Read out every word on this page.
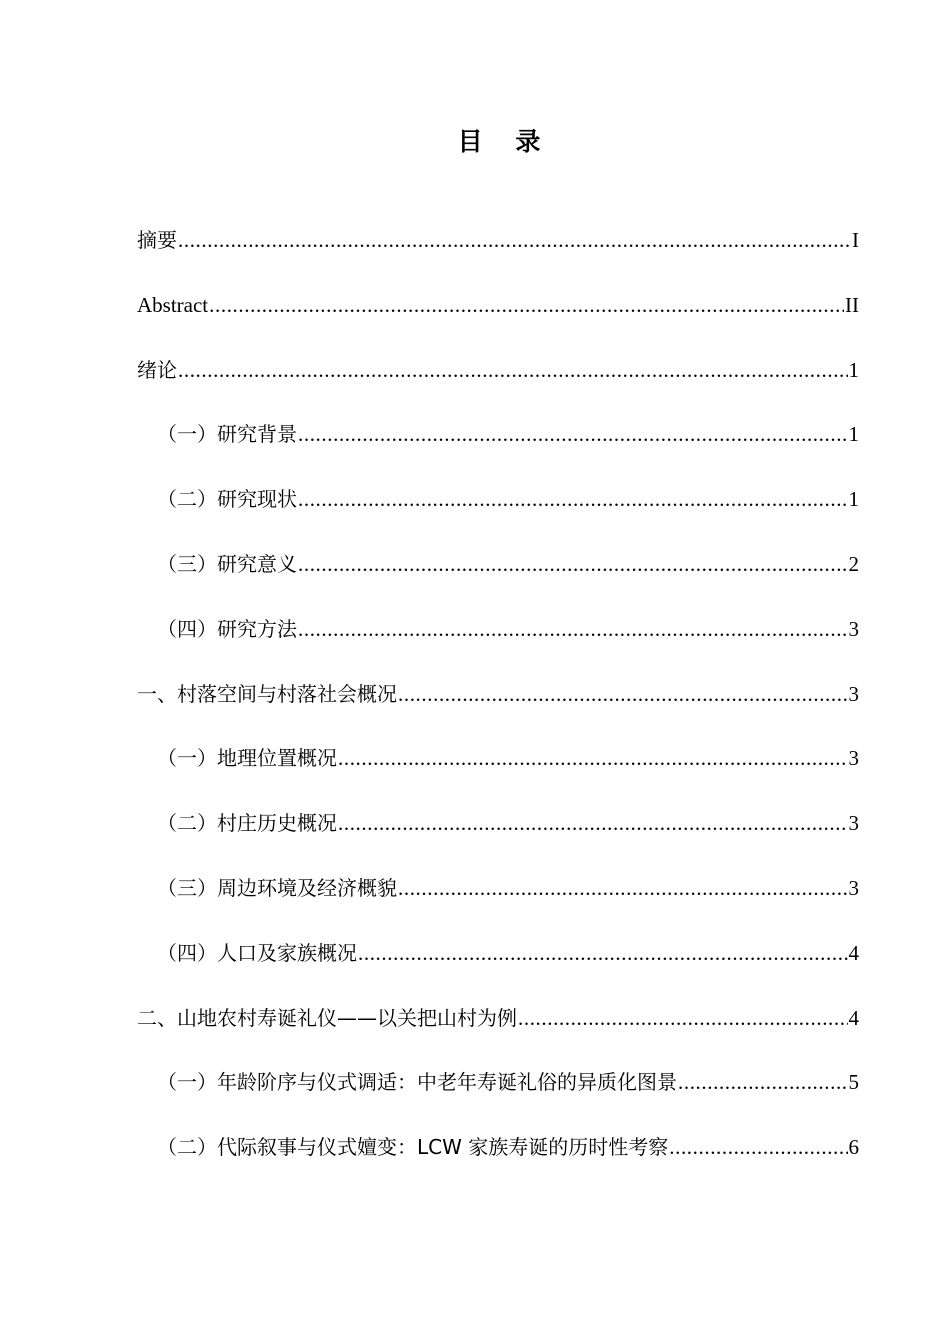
目 录
摘要 .....	I
Abstract .....	II
绪论 .....	1
（一）研究背景 .....	1
（二）研究现状 .....	1
（三）研究意义 .....	2
（四）研究方法 .....	3
一、村落空间与村落社会概况 .....	3
（一）地理位置概况 .....	3
（二）村庄历史概况 .....	3
（三）周边环境及经济概貌 .....	3
（四）人口及家族概况 .....	4
二、山地农村寿诞礼仪——以关把山村为例 .....	4
（一）年龄阶序与仪式调适：中老年寿诞礼俗的异质化图景 .....	5
（二）代际叙事与仪式嬗变：LCW 家族寿诞的历时性考察 .....	6
